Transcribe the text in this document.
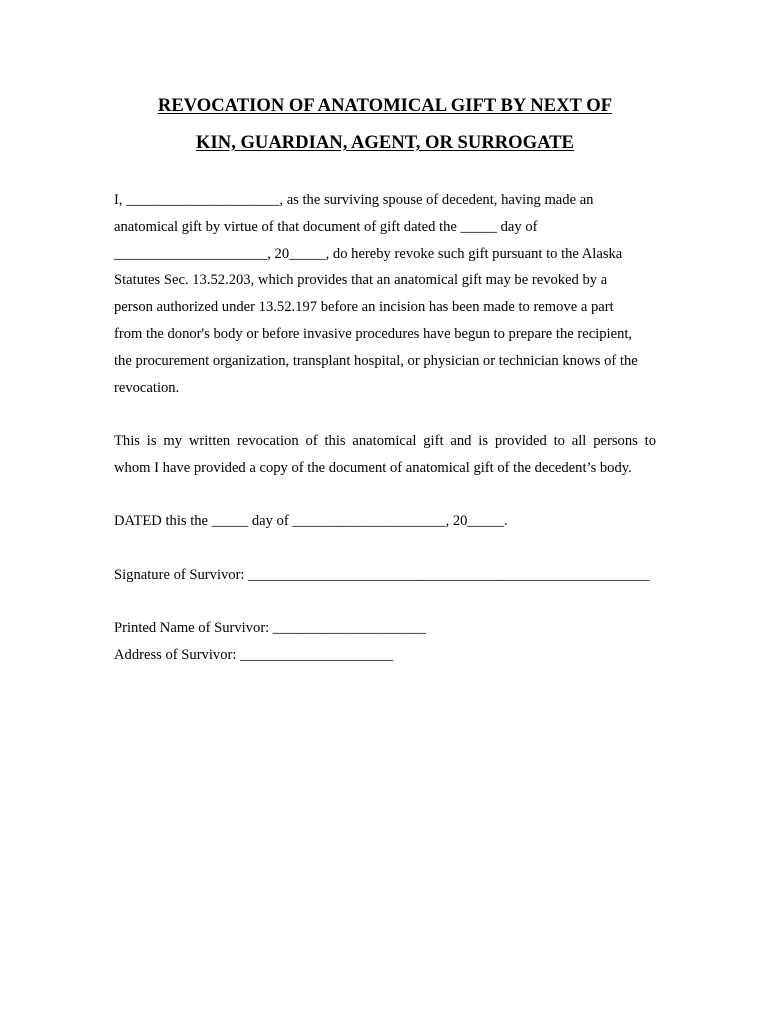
REVOCATION OF ANATOMICAL GIFT BY NEXT OF
KIN, GUARDIAN, AGENT, OR SURROGATE

I, _____________________, as the surviving spouse of decedent, having made an

anatomical gift by virtue of that document of gift dated the _____ day of

_____________________, 20_____, do hereby revoke such gift pursuant to the Alaska

Statutes Sec. 13.52.203, which provides that an anatomical gift may be revoked by a

person authorized under 13.52.197 before an incision has been made to remove a part

from the donor's body or before invasive procedures have begun to prepare the recipient,

the procurement organization, transplant hospital, or physician or technician knows of the

revocation.

This is my written revocation of this anatomical gift and is provided to all persons to

whom I have provided a copy of the document of anatomical gift of the decedent’s body.

DATED this the _____ day of _____________________, 20_____.

Signature of Survivor: _______________________________________________________

Printed Name of Survivor: _____________________

Address of Survivor: _____________________
